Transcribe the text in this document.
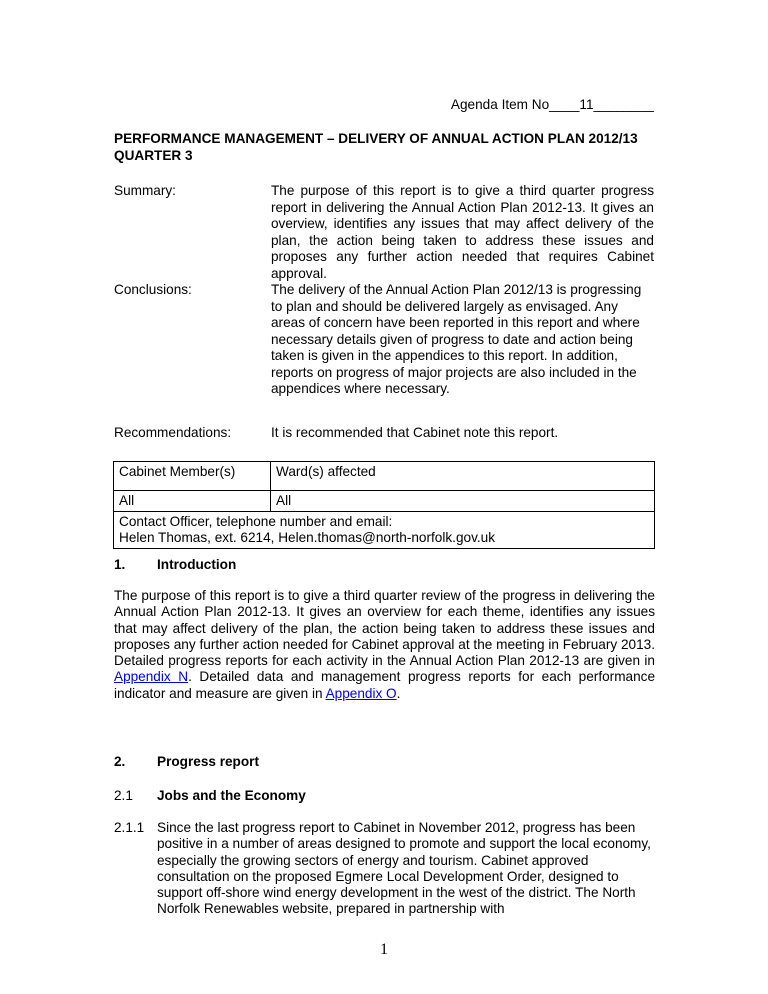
Agenda Item No____11________
PERFORMANCE MANAGEMENT – DELIVERY OF ANNUAL ACTION PLAN 2012/13 QUARTER 3
Summary:	The purpose of this report is to give a third quarter progress report in delivering the Annual Action Plan 2012-13. It gives an overview, identifies any issues that may affect delivery of the plan, the action being taken to address these issues and proposes any further action needed that requires Cabinet approval.
Conclusions:	The delivery of the Annual Action Plan 2012/13 is progressing to plan and should be delivered largely as envisaged. Any areas of concern have been reported in this report and where necessary details given of progress to date and action being taken is given in the appendices to this report. In addition, reports on progress of major projects are also included in the appendices where necessary.
Recommendations:	It is recommended that Cabinet note this report.
Cabinet Member(s)	Ward(s) affected
All	All

Contact Officer, telephone number and email:
Helen Thomas, ext. 6214, Helen.thomas@north-norfolk.gov.uk	
1. Introduction
The purpose of this report is to give a third quarter review of the progress in delivering the Annual Action Plan 2012-13. It gives an overview for each theme, identifies any issues that may affect delivery of the plan, the action being taken to address these issues and proposes any further action needed for Cabinet approval at the meeting in February 2013. Detailed progress reports for each activity in the Annual Action Plan 2012-13 are given in Appendix N. Detailed data and management progress reports for each performance indicator and measure are given in Appendix O.
2. Progress report
2.1 Jobs and the Economy
2.1.1 Since the last progress report to Cabinet in November 2012, progress has been positive in a number of areas designed to promote and support the local economy, especially the growing sectors of energy and tourism. Cabinet approved consultation on the proposed Egmere Local Development Order, designed to support off-shore wind energy development in the west of the district. The North Norfolk Renewables website, prepared in partnership with
1
